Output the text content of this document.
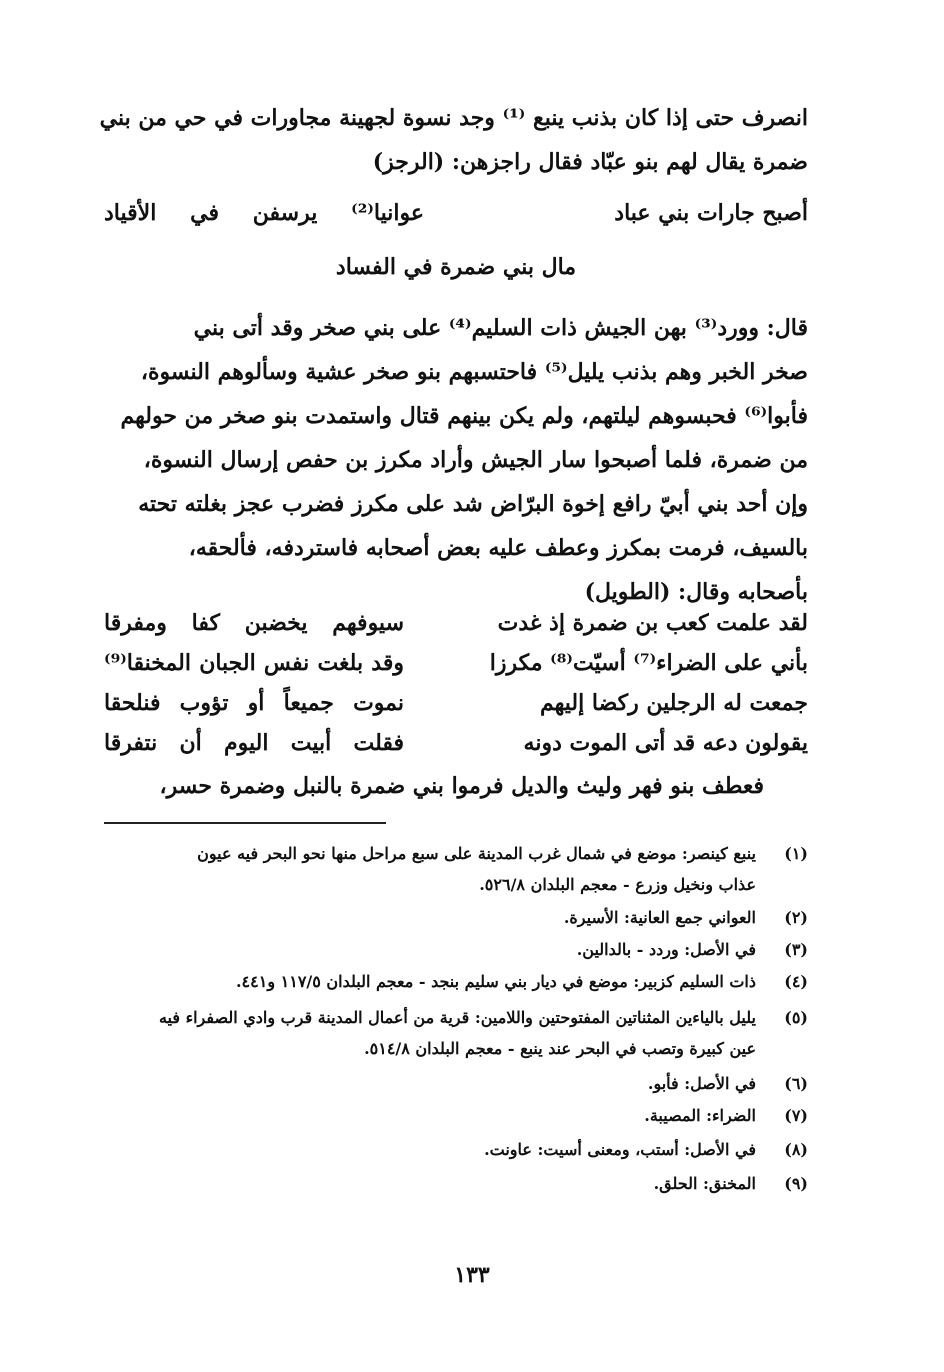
انصرف حتى إذا كان بذنب ينبع ⁽¹⁾ وجد نسوة لجهينة مجاورات في حي من بني
ضمرة يقال لهم بنو عبّاد فقال راجزهن: (الرجز)
أصبح جارات بني عباد
عوانيا⁽²⁾ يرسفن في الأقياد
مال بني ضمرة في الفساد
قال: وورد⁽³⁾ بهن الجيش ذات السليم⁽⁴⁾ على بني صخر وقد أتى بني
صخر الخبر وهم بذنب يليل⁽⁵⁾ فاحتسبهم بنو صخر عشية وسألوهم النسوة،
فأبوا⁽⁶⁾ فحبسوهم ليلتهم، ولم يكن بينهم قتال واستمدت بنو صخر من حولهم
من ضمرة، فلما أصبحوا سار الجيش وأراد مكرز بن حفص إرسال النسوة،
وإن أحد بني أبيّ رافع إخوة البرّاض شد على مكرز فضرب عجز بغلته تحته
بالسيف، فرمت بمكرز وعطف عليه بعض أصحابه فاستردفه، فألحقه،
بأصحابه وقال: (الطويل)
لقد علمت كعب بن ضمرة إذ غدت
سيوفهم يخضبن كفا ومفرقا
بأني على الضراء⁽⁷⁾ أسيّت⁽⁸⁾ مكرزا
وقد بلغت نفس الجبان المخنقا⁽⁹⁾
جمعت له الرجلين ركضا إليهم
نموت جميعاً أو تؤوب فنلحقا
يقولون دعه قد أتى الموت دونه
فقلت أبيت اليوم أن نتفرقا
فعطف بنو فهر وليث والديل فرموا بني ضمرة بالنبل وضمرة حسر،
(١)
ينبع كينصر: موضع في شمال غرب المدينة على سبع مراحل منها نحو البحر فيه عيون
عذاب ونخيل وزرع - معجم البلدان ٥٢٦/٨.
(٢)
العواني جمع العانية: الأسيرة.
(٣)
في الأصل: وردد - بالدالين.
(٤)
ذات السليم كزبير: موضع في ديار بني سليم بنجد - معجم البلدان ١١٧/٥ و٤٤١.
(٥)
يليل بالياءين المثناتين المفتوحتين واللامين: قرية من أعمال المدينة قرب وادي الصفراء فيه
عين كبيرة وتصب في البحر عند ينبع - معجم البلدان ٥١٤/٨.
(٦)
في الأصل: فأبو.
(٧)
الضراء: المصيبة.
(٨)
في الأصل: أستب، ومعنى أسيت: عاونت.
(٩)
المخنق: الحلق.
١٣٣
